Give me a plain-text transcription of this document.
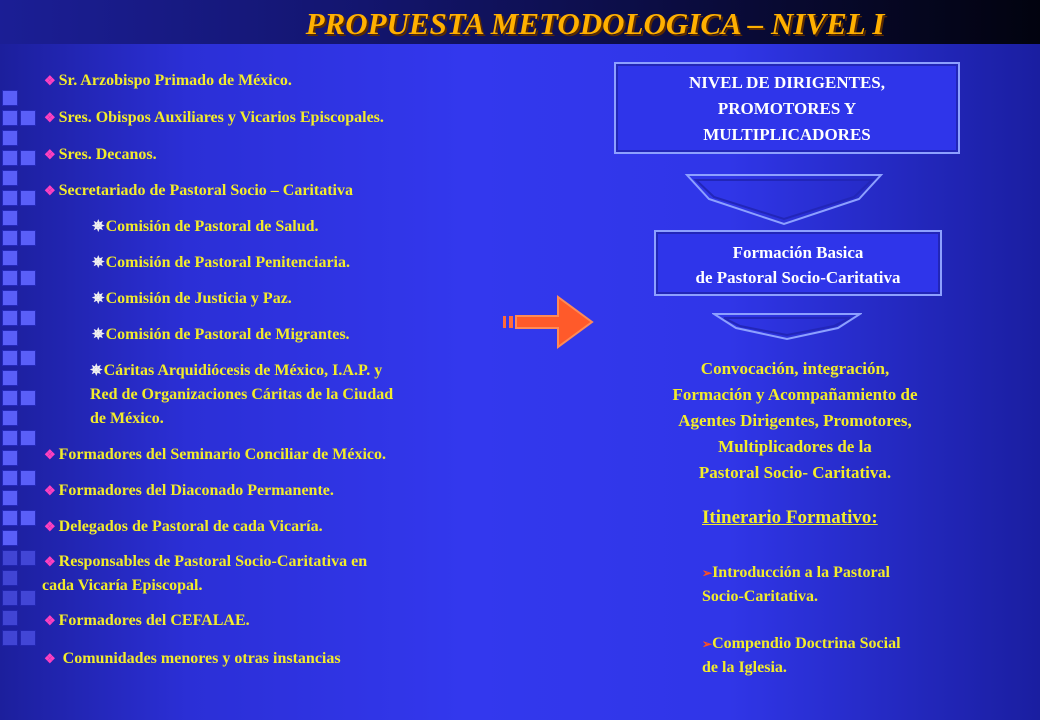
PROPUESTA METODOLOGICA – NIVEL I
❖ Sr. Arzobispo Primado de México.
❖ Sres. Obispos Auxiliares y Vicarios Episcopales.
❖ Sres. Decanos.
❖ Secretariado de Pastoral Socio – Caritativa
✵Comisión de Pastoral de Salud.
✵Comisión de Pastoral Penitenciaria.
✵Comisión de Justicia y Paz.
✵Comisión de Pastoral de Migrantes.
✵Cáritas Arquidiócesis de México, I.A.P. y
Red de Organizaciones Cáritas de la Ciudad
de México.
❖ Formadores del Seminario Conciliar de México.
❖ Formadores del Diaconado Permanente.
❖ Delegados de Pastoral de cada Vicaría.
❖ Responsables de Pastoral Socio-Caritativa en
cada Vicaría Episcopal.
❖ Formadores del CEFALAE.
❖ Comunidades menores y otras instancias
NIVEL DE DIRIGENTES,
PROMOTORES Y
MULTIPLICADORES
Formación Basica
de Pastoral Socio-Caritativa
Convocación, integración,
Formación y Acompañamiento de
Agentes Dirigentes, Promotores,
Multiplicadores de la
Pastoral Socio- Caritativa.
Itinerario Formativo:
➢Introducción a la Pastoral
Socio-Caritativa.
➢Compendio Doctrina Social
de la Iglesia.
